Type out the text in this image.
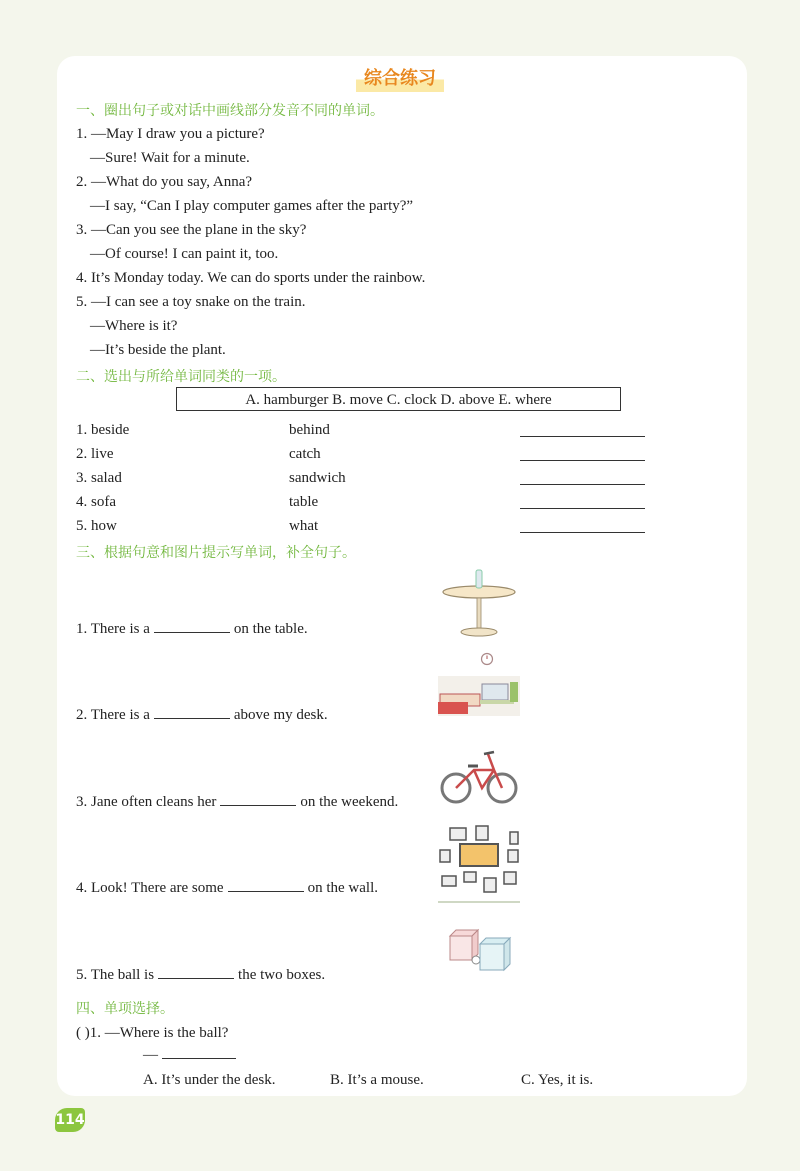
综合练习
一、圈出句子或对话中画线部分发音不同的单词。
1. —May I draw you a picture?
—Sure! Wait for a minute.
2. —What do you say, Anna?
—I say, “Can I play computer games after the party?”
3. —Can you see the plane in the sky?
—Of course! I can paint it, too.
4. It’s Monday today. We can do sports under the rainbow.
5. —I can see a toy snake on the train.
—Where is it?
—It’s beside the plant.
二、选出与所给单词同类的一项。
A. hamburger B. move C. clock D. above E. where
1. beside	behind
2. live	catch
3. salad	sandwich
4. sofa	table
5. how	what
三、根据句意和图片提示写单词，补全句子。
1. There is a	on the table.
2. There is a	above my desk.
3. Jane often cleans her	on the weekend.
4. Look! There are some	on the wall.
5. The ball is	the two boxes.
四、单项选择。
( )1. —Where is the ball?
—
A. It’s under the desk.	B. It’s a mouse.	C. Yes, it is.
114
